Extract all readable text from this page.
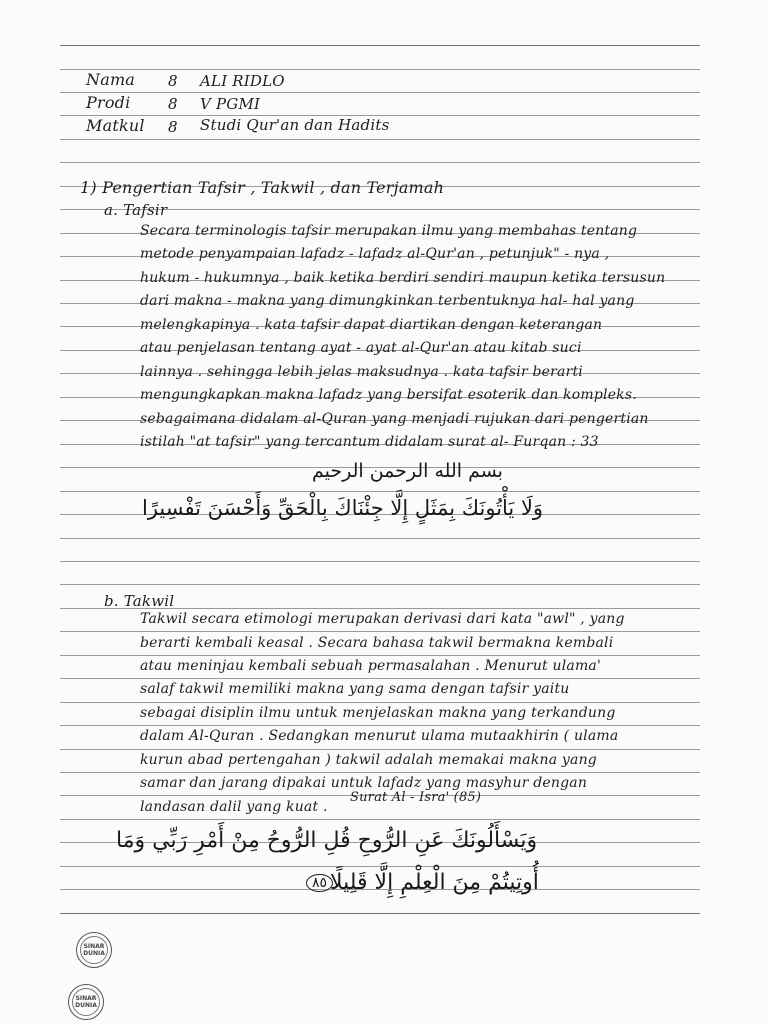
Nama 8 ALI RIDLO
Prodi	8 V PGMI
Matkul 8 Studi Qur'an dan Hadits
1) Pengertian Tafsir , Takwil , dan Terjamah
a. Tafsir
Secara terminologis tafsir merupakan ilmu yang membahas tentang
metode penyampaian lafadz - lafadz al-Qur'an , petunjuk" - nya ,
hukum - hukumnya , baik ketika berdiri sendiri maupun ketika tersusun
dari makna - makna yang dimungkinkan terbentuknya hal- hal yang
melengkapinya . kata tafsir dapat diartikan dengan keterangan
atau penjelasan tentang ayat - ayat al-Qur'an atau kitab suci
lainnya . sehingga lebih jelas maksudnya . kata tafsir berarti
mengungkapkan makna lafadz yang bersifat esoterik dan kompleks.
sebagaimana didalam al-Quran yang menjadi rujukan dari pengertian
istilah "at tafsir" yang tercantum didalam surat al- Furqan : 33
بسم الله الرحمن الرحيم
وَلَا يَأْتُونَكَ بِمَثَلٍ إِلَّا جِئْنَاكَ بِالْحَقِّ وَأَحْسَنَ تَفْسِيرًا
b. Takwil
Takwil secara etimologi merupakan derivasi dari kata "awl" , yang
berarti kembali keasal . Secara bahasa takwil bermakna kembali
atau meninjau kembali sebuah permasalahan . Menurut ulama'
salaf takwil memiliki makna yang sama dengan tafsir yaitu
sebagai disiplin ilmu untuk menjelaskan makna yang terkandung
dalam Al-Quran . Sedangkan menurut ulama mutaakhirin ( ulama
kurun abad pertengahan ) takwil adalah memakai makna yang
samar dan jarang dipakai untuk lafadz yang masyhur dengan
landasan dalil yang kuat .
Surat Al - Isra' (85)
وَيَسْأَلُونَكَ عَنِ الرُّوحِ قُلِ الرُّوحُ مِنْ أَمْرِ رَبِّي وَمَا
أُوتِيتُمْ مِنَ الْعِلْمِ إِلَّا قَلِيلًا
٨٥
SINAR
DUNIA
SINAR
DUNIA
